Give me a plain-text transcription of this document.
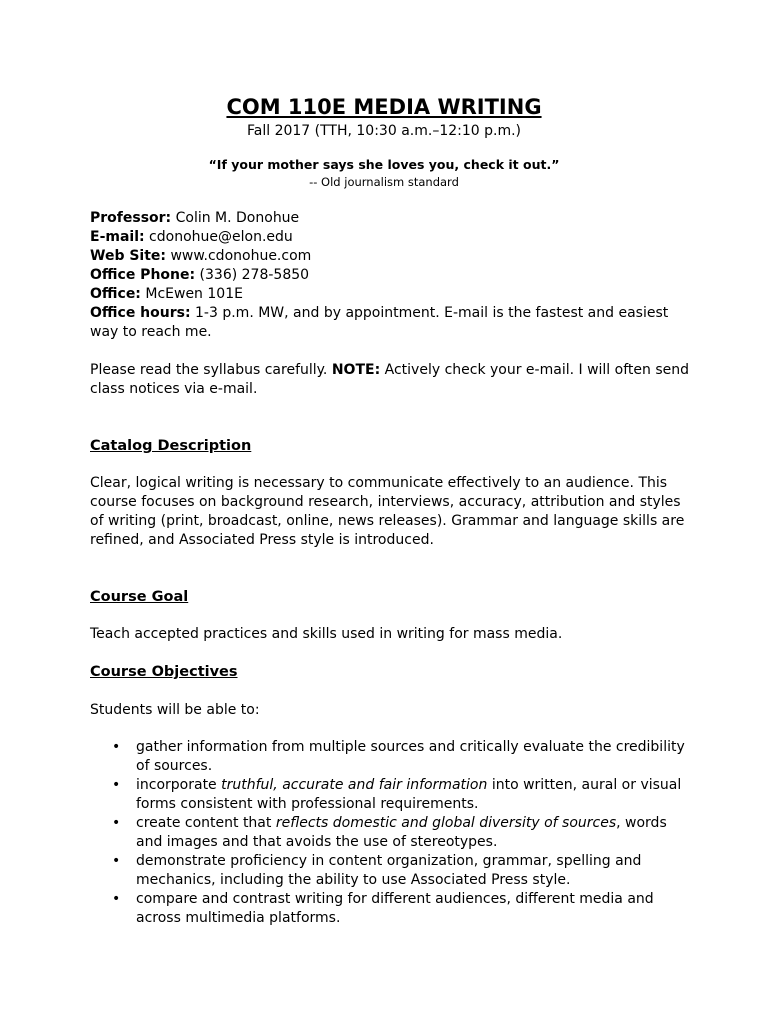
COM 110E MEDIA WRITING
Fall 2017 (TTH, 10:30 a.m.–12:10 p.m.)
“If your mother says she loves you, check it out.”
-- Old journalism standard
Professor: Colin M. Donohue
E-mail: cdonohue@elon.edu
Web Site: www.cdonohue.com
Office Phone: (336) 278-5850
Office: McEwen 101E
Office hours: 1-3 p.m. MW, and by appointment. E-mail is the fastest and easiest way to reach me.
Please read the syllabus carefully. NOTE: Actively check your e-mail. I will often send class notices via e-mail.
Catalog Description
Clear, logical writing is necessary to communicate effectively to an audience. This course focuses on background research, interviews, accuracy, attribution and styles of writing (print, broadcast, online, news releases). Grammar and language skills are refined, and Associated Press style is introduced.
Course Goal
Teach accepted practices and skills used in writing for mass media.
Course Objectives
Students will be able to:
• gather information from multiple sources and critically evaluate the credibility of sources.
• incorporate truthful, accurate and fair information into written, aural or visual forms consistent with professional requirements.
• create content that reflects domestic and global diversity of sources, words and images and that avoids the use of stereotypes.
• demonstrate proficiency in content organization, grammar, spelling and mechanics, including the ability to use Associated Press style.
• compare and contrast writing for different audiences, different media and across multimedia platforms.
